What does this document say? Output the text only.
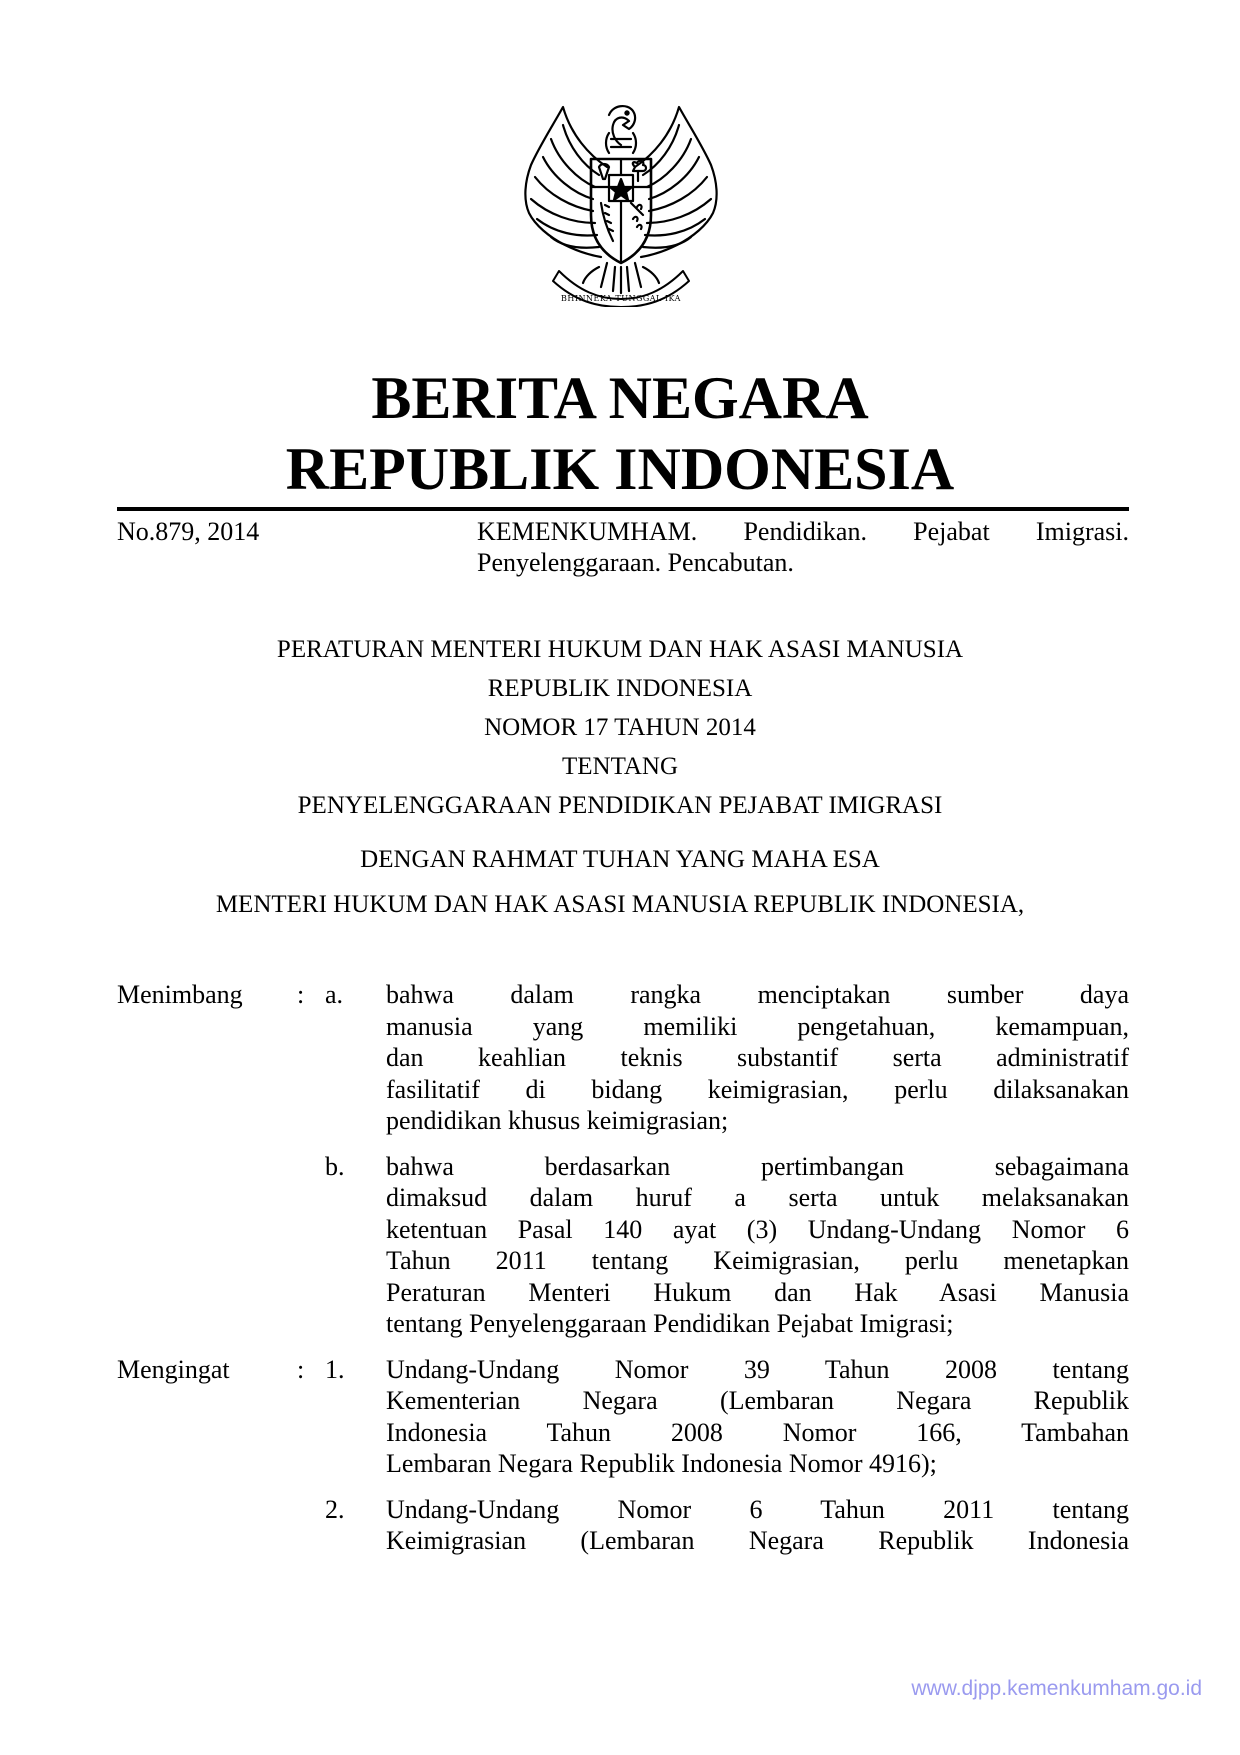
BHINNEKA TUNGGAL IKA
BERITA NEGARA
REPUBLIK INDONESIA
No.879, 2014	KEMENKUMHAM. Pendidikan. Pejabat Imigrasi.
Penyelenggaraan. Pencabutan.
PERATURAN MENTERI HUKUM DAN HAK ASASI MANUSIA
REPUBLIK INDONESIA
NOMOR 17 TAHUN 2014
TENTANG
PENYELENGGARAAN PENDIDIKAN PEJABAT IMIGRASI
DENGAN RAHMAT TUHAN YANG MAHA ESA
MENTERI HUKUM DAN HAK ASASI MANUSIA REPUBLIK INDONESIA,
Menimbang : a. bahwa dalam rangka menciptakan sumber daya
manusia yang memiliki pengetahuan, kemampuan,
dan keahlian teknis substantif serta administratif
fasilitatif di bidang keimigrasian, perlu dilaksanakan
pendidikan khusus keimigrasian;
b. bahwa berdasarkan pertimbangan sebagaimana
dimaksud dalam huruf a serta untuk melaksanakan
ketentuan Pasal 140 ayat (3) Undang-Undang Nomor 6
Tahun 2011 tentang Keimigrasian, perlu menetapkan
Peraturan Menteri Hukum dan Hak Asasi Manusia
tentang Penyelenggaraan Pendidikan Pejabat Imigrasi;
Mengingat	: 1. Undang-Undang Nomor 39 Tahun 2008 tentang
Kementerian Negara (Lembaran Negara Republik
Indonesia Tahun 2008 Nomor 166, Tambahan
Lembaran Negara Republik Indonesia Nomor 4916);
2. Undang-Undang Nomor 6 Tahun 2011 tentang
Keimigrasian (Lembaran Negara Republik Indonesia
www.djpp.kemenkumham.go.id
